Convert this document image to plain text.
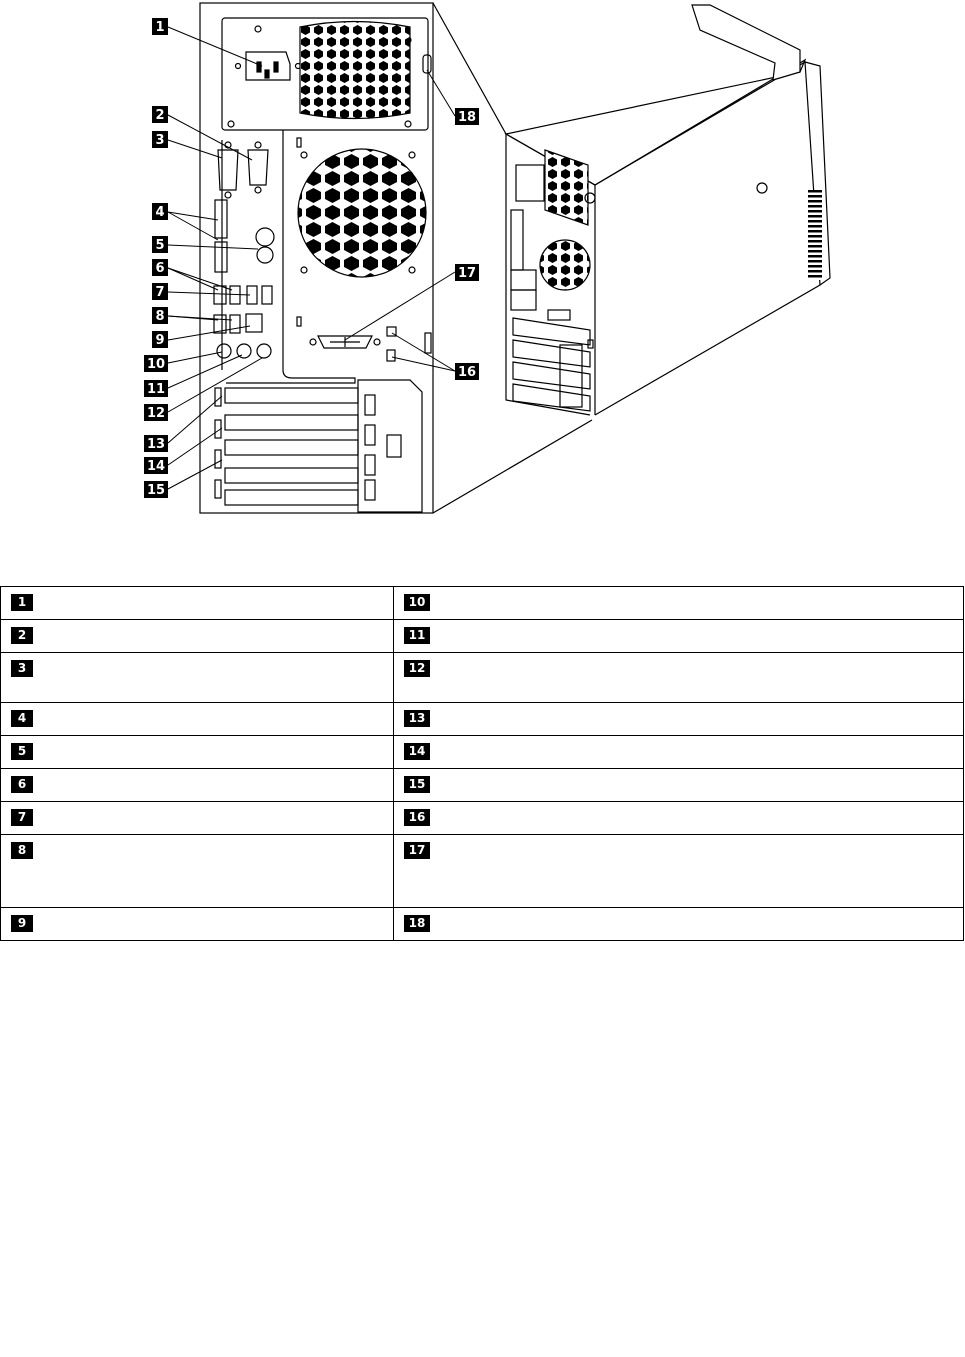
1
2
3
4
5
6
7
8
9
10
11
12
13
14
15
16
17
18
1	10
2	11
3	12
4	13
5	14
6	15
7	16
8	17
9	18
